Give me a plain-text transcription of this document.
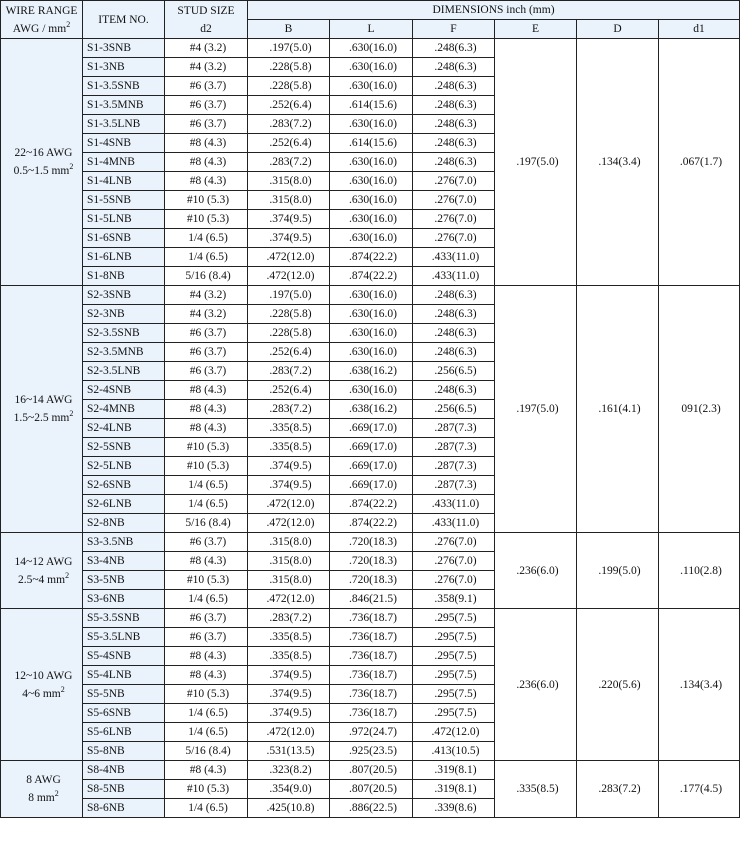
WIRE RANGE
AWG / $mm^2$	ITEM NO.	STUD SIZE
d2	DIMENSIONS inch (mm)					
			B	L	F	E	D	d1
22~16 AWG
0.5~1.5 $mm^2$	S1-3SNB	#4 (3.2)	.197(5.0)	.630(16.0)	.248(6.3)	.197(5.0)	.134(3.4)	.067(1.7)
	S1-3NB	#4 (3.2)	.228(5.8)	.630(16.0)	.248(6.3)			
	S1-3.5SNB	#6 (3.7)	.228(5.8)	.630(16.0)	.248(6.3)			
	S1-3.5MNB	#6 (3.7)	.252(6.4)	.614(15.6)	.248(6.3)			
	S1-3.5LNB	#6 (3.7)	.283(7.2)	.630(16.0)	.248(6.3)			
	S1-4SNB	#8 (4.3)	.252(6.4)	.614(15.6)	.248(6.3)			
	S1-4MNB	#8 (4.3)	.283(7.2)	.630(16.0)	.248(6.3)			
	S1-4LNB	#8 (4.3)	.315(8.0)	.630(16.0)	.276(7.0)			
	S1-5SNB	#10 (5.3)	.315(8.0)	.630(16.0)	.276(7.0)			
	S1-5LNB	#10 (5.3)	.374(9.5)	.630(16.0)	.276(7.0)			
	S1-6SNB	1/4 (6.5)	.374(9.5)	.630(16.0)	.276(7.0)			
	S1-6LNB	1/4 (6.5)	.472(12.0)	.874(22.2)	.433(11.0)			
	S1-8NB	5/16 (8.4)	.472(12.0)	.874(22.2)	.433(11.0)			
16~14 AWG
1.5~2.5 $mm^2$	S2-3SNB	#4 (3.2)	.197(5.0)	.630(16.0)	.248(6.3)	.197(5.0)	.161(4.1)	091(2.3)
	S2-3NB	#4 (3.2)	.228(5.8)	.630(16.0)	.248(6.3)			
	S2-3.5SNB	#6 (3.7)	.228(5.8)	.630(16.0)	.248(6.3)			
	S2-3.5MNB	#6 (3.7)	.252(6.4)	.630(16.0)	.248(6.3)			
	S2-3.5LNB	#6 (3.7)	.283(7.2)	.638(16.2)	.256(6.5)			
	S2-4SNB	#8 (4.3)	.252(6.4)	.630(16.0)	.248(6.3)			
	S2-4MNB	#8 (4.3)	.283(7.2)	.638(16.2)	.256(6.5)			
	S2-4LNB	#8 (4.3)	.335(8.5)	.669(17.0)	.287(7.3)			
	S2-5SNB	#10 (5.3)	.335(8.5)	.669(17.0)	.287(7.3)			
	S2-5LNB	#10 (5.3)	.374(9.5)	.669(17.0)	.287(7.3)			
	S2-6SNB	1/4 (6.5)	.374(9.5)	.669(17.0)	.287(7.3)			
	S2-6LNB	1/4 (6.5)	.472(12.0)	.874(22.2)	.433(11.0)			
	S2-8NB	5/16 (8.4)	.472(12.0)	.874(22.2)	.433(11.0)			
14~12 AWG
2.5~4 $mm^2$	S3-3.5NB	#6 (3.7)	.315(8.0)	.720(18.3)	.276(7.0)	.236(6.0)	.199(5.0)	.110(2.8)
	S3-4NB	#8 (4.3)	.315(8.0)	.720(18.3)	.276(7.0)			
	S3-5NB	#10 (5.3)	.315(8.0)	.720(18.3)	.276(7.0)			
	S3-6NB	1/4 (6.5)	.472(12.0)	.846(21.5)	.358(9.1)			
12~10 AWG
4~6 $mm^2$	S5-3.5SNB	#6 (3.7)	.283(7.2)	.736(18.7)	.295(7.5)	.236(6.0)	.220(5.6)	.134(3.4)
	S5-3.5LNB	#6 (3.7)	.335(8.5)	.736(18.7)	.295(7.5)			
	S5-4SNB	#8 (4.3)	.335(8.5)	.736(18.7)	.295(7.5)			
	S5-4LNB	#8 (4.3)	.374(9.5)	.736(18.7)	.295(7.5)			
	S5-5NB	#10 (5.3)	.374(9.5)	.736(18.7)	.295(7.5)			
	S5-6SNB	1/4 (6.5)	.374(9.5)	.736(18.7)	.295(7.5)			
	S5-6LNB	1/4 (6.5)	.472(12.0)	.972(24.7)	.472(12.0)			
	S5-8NB	5/16 (8.4)	.531(13.5)	.925(23.5)	.413(10.5)			
8 AWG
8 $mm^2$	S8-4NB	#8 (4.3)	.323(8.2)	.807(20.5)	.319(8.1)	.335(8.5)	.283(7.2)	.177(4.5)
	S8-5NB	#10 (5.3)	.354(9.0)	.807(20.5)	.319(8.1)			
	S8-6NB	1/4 (6.5)	.425(10.8)	.886(22.5)	.339(8.6)			
